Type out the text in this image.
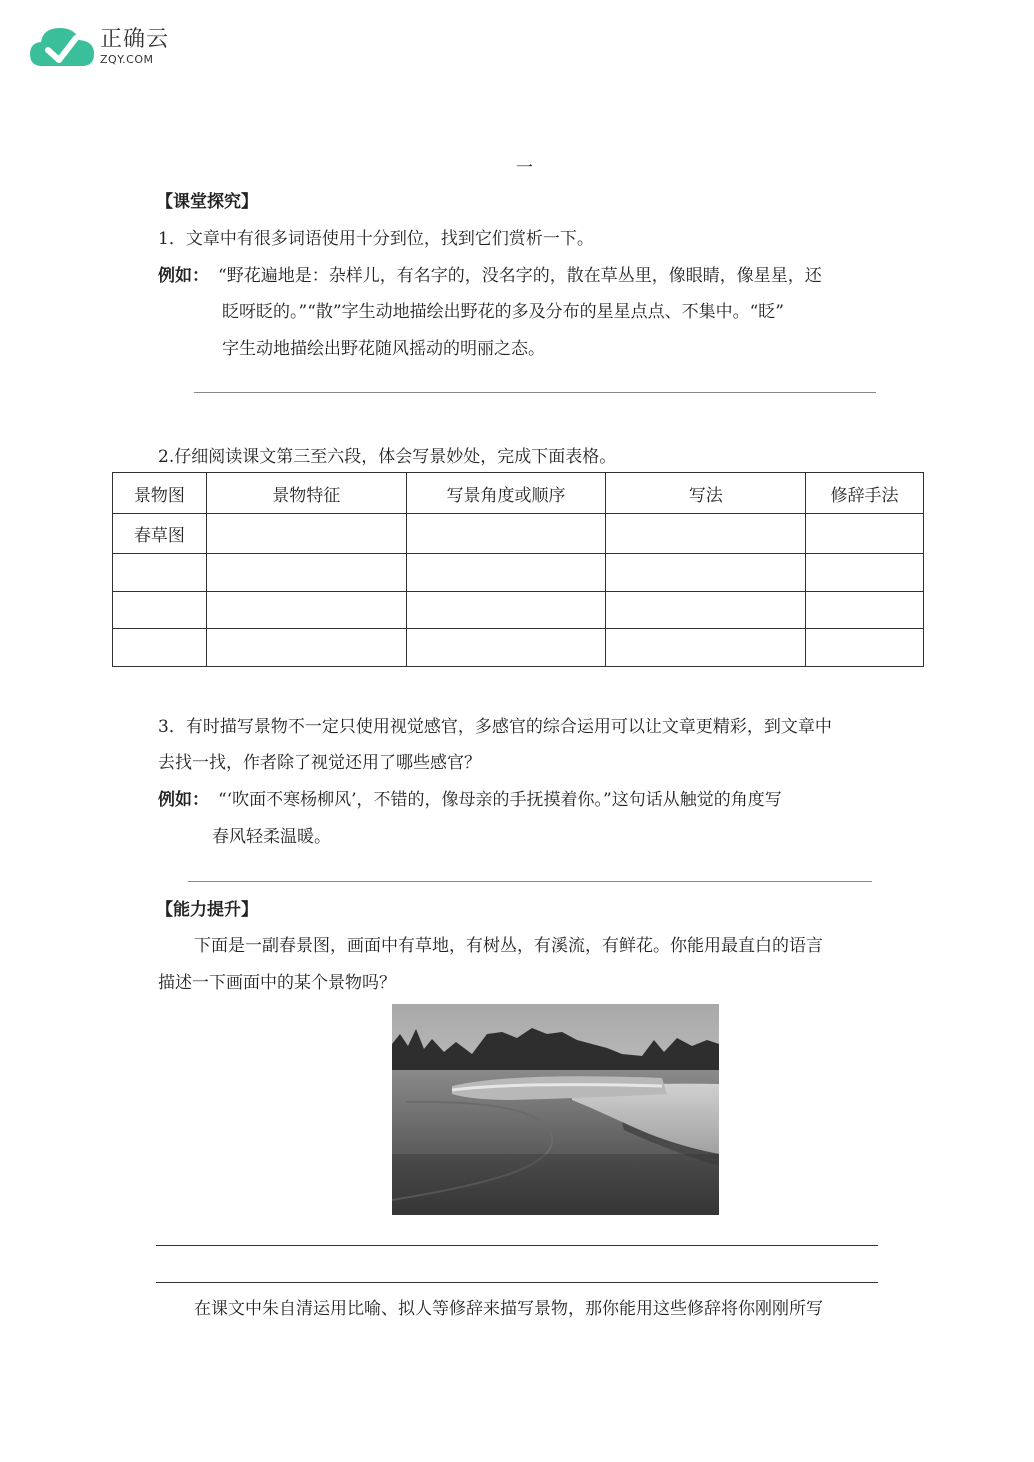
正确云
ZQY.COM
一
【课堂探究】
1．文章中有很多词语使用十分到位，找到它们赏析一下。
例如： “野花遍地是：杂样儿，有名字的，没名字的，散在草丛里，像眼睛，像星星，还
眨呀眨的。”“散”字生动地描绘出野花的多及分布的星星点点、不集中。“眨”
字生动地描绘出野花随风摇动的明丽之态。
2.仔细阅读课文第三至六段，体会写景妙处，完成下面表格。
景物图	景物特征	写景角度或顺序	写法	修辞手法
春草图				

3．有时描写景物不一定只使用视觉感官，多感官的综合运用可以让文章更精彩，到文章中
去找一找，作者除了视觉还用了哪些感官？
例如： “‘吹面不寒杨柳风’，不错的，像母亲的手抚摸着你。”这句话从触觉的角度写
春风轻柔温暖。
【能力提升】
下面是一副春景图，画面中有草地，有树丛，有溪流，有鲜花。你能用最直白的语言
描述一下画面中的某个景物吗？
在课文中朱自清运用比喻、拟人等修辞来描写景物，那你能用这些修辞将你刚刚所写
